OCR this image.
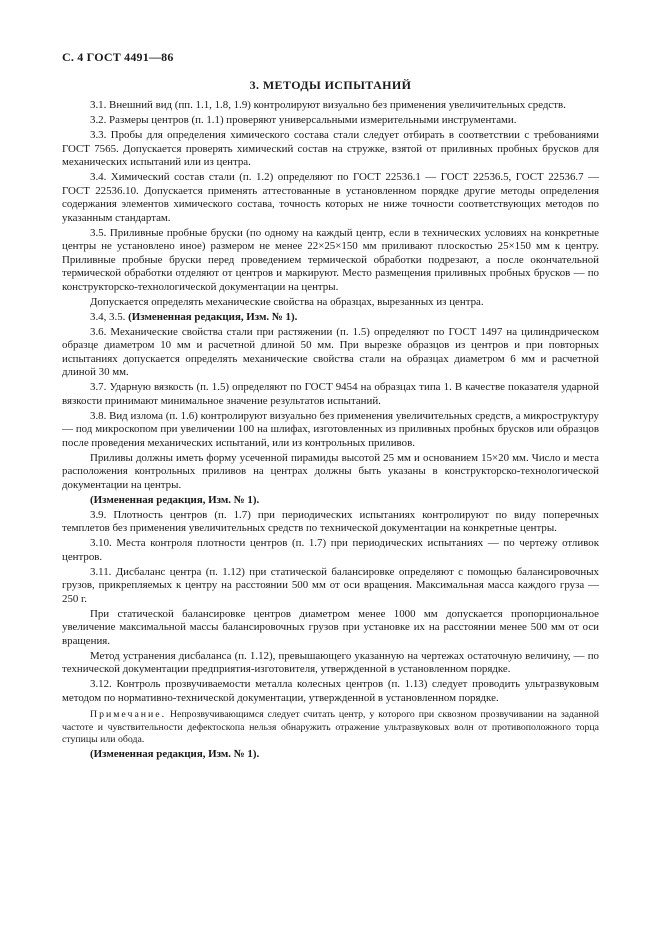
С. 4 ГОСТ 4491—86
3. МЕТОДЫ ИСПЫТАНИЙ

3.1. Внешний вид (пп. 1.1, 1.8, 1.9) контролируют визуально без применения увеличительных средств.

3.2. Размеры центров (п. 1.1) проверяют универсальными измерительными инструментами.

3.3. Пробы для определения химического состава стали следует отбирать в соответствии с требованиями ГОСТ 7565. Допускается проверять химический состав на стружке, взятой от приливных пробных брусков для механических испытаний или из центра.

3.4. Химический состав стали (п. 1.2) определяют по ГОСТ 22536.1 — ГОСТ 22536.5, ГОСТ 22536.7 — ГОСТ 22536.10. Допускается применять аттестованные в установленном порядке другие методы определения содержания элементов химического состава, точность которых не ниже точности соответствующих методов по указанным стандартам.

3.5. Приливные пробные бруски (по одному на каждый центр, если в технических условиях на конкретные центры не установлено иное) размером не менее 22×25×150 мм приливают плоскостью 25×150 мм к центру. Приливные пробные бруски перед проведением термической обработки подрезают, а после окончательной термической обработки отделяют от центров и маркируют. Место размещения приливных пробных брусков — по конструкторско-технологической документации на центры.

Допускается определять механические свойства на образцах, вырезанных из центра.

3.4, 3.5. (Измененная редакция, Изм. № 1).

3.6. Механические свойства стали при растяжении (п. 1.5) определяют по ГОСТ 1497 на цилиндрическом образце диаметром 10 мм и расчетной длиной 50 мм. При вырезке образцов из центров и при повторных испытаниях допускается определять механические свойства стали на образцах диаметром 6 мм и расчетной длиной 30 мм.

3.7. Ударную вязкость (п. 1.5) определяют по ГОСТ 9454 на образцах типа 1. В качестве показателя ударной вязкости принимают минимальное значение результатов испытаний.

3.8. Вид излома (п. 1.6) контролируют визуально без применения увеличительных средств, а микроструктуру — под микроскопом при увеличении 100 на шлифах, изготовленных из приливных пробных брусков или образцов после проведения механических испытаний, или из контрольных приливов.

Приливы должны иметь форму усеченной пирамиды высотой 25 мм и основанием 15×20 мм. Число и места расположения контрольных приливов на центрах должны быть указаны в конструкторско-технологической документации на центры.

(Измененная редакция, Изм. № 1).

3.9. Плотность центров (п. 1.7) при периодических испытаниях контролируют по виду поперечных темплетов без применения увеличительных средств по технической документации на конкретные центры.

3.10. Места контроля плотности центров (п. 1.7) при периодических испытаниях — по чертежу отливок центров.

3.11. Дисбаланс центра (п. 1.12) при статической балансировке определяют с помощью балансировочных грузов, прикрепляемых к центру на расстоянии 500 мм от оси вращения. Максимальная масса каждого груза — 250 г.

При статической балансировке центров диаметром менее 1000 мм допускается пропорциональное увеличение максимальной массы балансировочных грузов при установке их на расстоянии менее 500 мм от оси вращения.

Метод устранения дисбаланса (п. 1.12), превышающего указанную на чертежах остаточную величину, — по технической документации предприятия-изготовителя, утвержденной в установленном порядке.

3.12. Контроль прозвучиваемости металла колесных центров (п. 1.13) следует проводить ультразвуковым методом по нормативно-технической документации, утвержденной в установленном порядке.

Примечание. Непрозвучивающимся следует считать центр, у которого при сквозном прозвучивании на заданной частоте и чувствительности дефектоскопа нельзя обнаружить отражение ультразвуковых волн от противоположного торца ступицы или обода.

(Измененная редакция, Изм. № 1).
